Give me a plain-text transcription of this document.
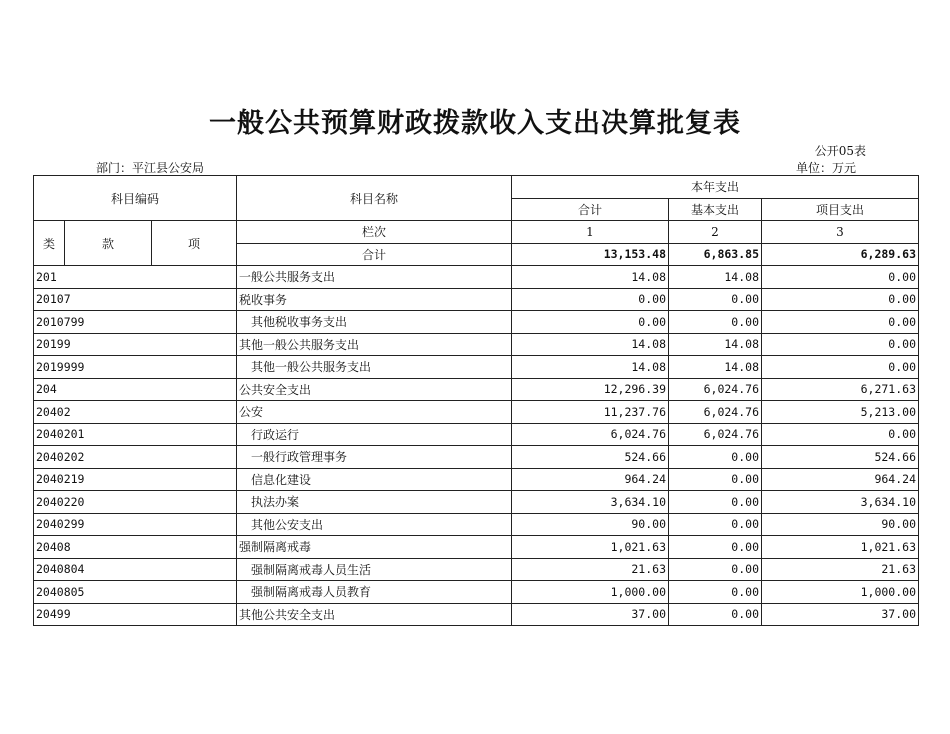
一般公共预算财政拨款收入支出决算批复表
公开05表
部门：平江县公安局	单位：万元
科目编码			科目名称	本年支出		
				合计	基本支出	项目支出
类	款	项	栏次	1	2	3
			合计	13,153.48	6,863.85	6,289.63
201			一般公共服务支出	14.08	14.08	0.00
20107			税收事务	0.00	0.00	0.00
2010799			其他税收事务支出	0.00	0.00	0.00
20199			其他一般公共服务支出	14.08	14.08	0.00
2019999			其他一般公共服务支出	14.08	14.08	0.00
204			公共安全支出	12,296.39	6,024.76	6,271.63
20402			公安	11,237.76	6,024.76	5,213.00
2040201			行政运行	6,024.76	6,024.76	0.00
2040202			一般行政管理事务	524.66	0.00	524.66
2040219			信息化建设	964.24	0.00	964.24
2040220			执法办案	3,634.10	0.00	3,634.10
2040299			其他公安支出	90.00	0.00	90.00
20408			强制隔离戒毒	1,021.63	0.00	1,021.63
2040804			强制隔离戒毒人员生活	21.63	0.00	21.63
2040805			强制隔离戒毒人员教育	1,000.00	0.00	1,000.00
20499			其他公共安全支出	37.00	0.00	37.00
